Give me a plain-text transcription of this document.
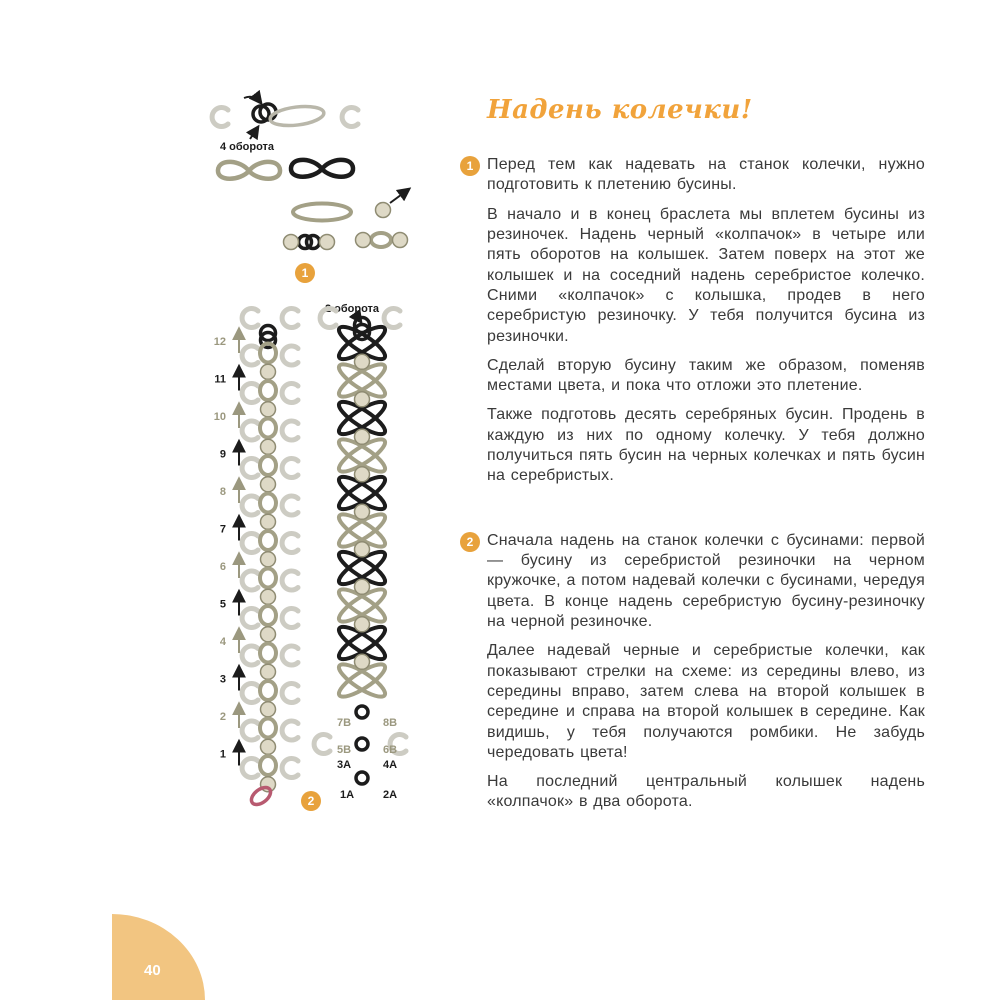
4 оборота
12
11
10
9
8
7
6
5
4
3
2
1
2 оборота
7B	8B
5B	6B
3A	4A
1A	2A
1
2
Надень колечки!
1 Перед тем как надевать на станок колечки, нужно подготовить к плетению бусины.

В начало и в конец браслета мы вплетем бусины из резиночек. Надень черный «колпачок» в четыре или пять оборотов на колышек. Затем поверх на этот же колышек и на соседний надень серебристое колечко. Сними «колпачок» с колышка, продев в него серебристую резиночку. У тебя получится бусина из резиночки.

Сделай вторую бусину таким же образом, поменяв местами цвета, и пока что отложи это плетение.

Также подготовь десять серебряных бусин. Продень в каждую из них по одному колечку. У тебя должно получиться пять бусин на черных колечках и пять бусин на серебристых.

2 Сначала надень на станок колечки с бусинами: первой — бусину из серебристой резиночки на черном кружочке, а потом надевай колечки с бусинами, чередуя цвета. В конце надень серебристую бусину-резиночку на черной резиночке.

Далее надевай черные и серебристые колечки, как показывают стрелки на схеме: из середины влево, из середины вправо, затем слева на второй колышек в середине и справа на второй колышек в середине. Как видишь, у тебя получаются ромбики. Не забудь чередовать цвета!

На последний центральный колышек надень «колпачок» в два оборота.

40
